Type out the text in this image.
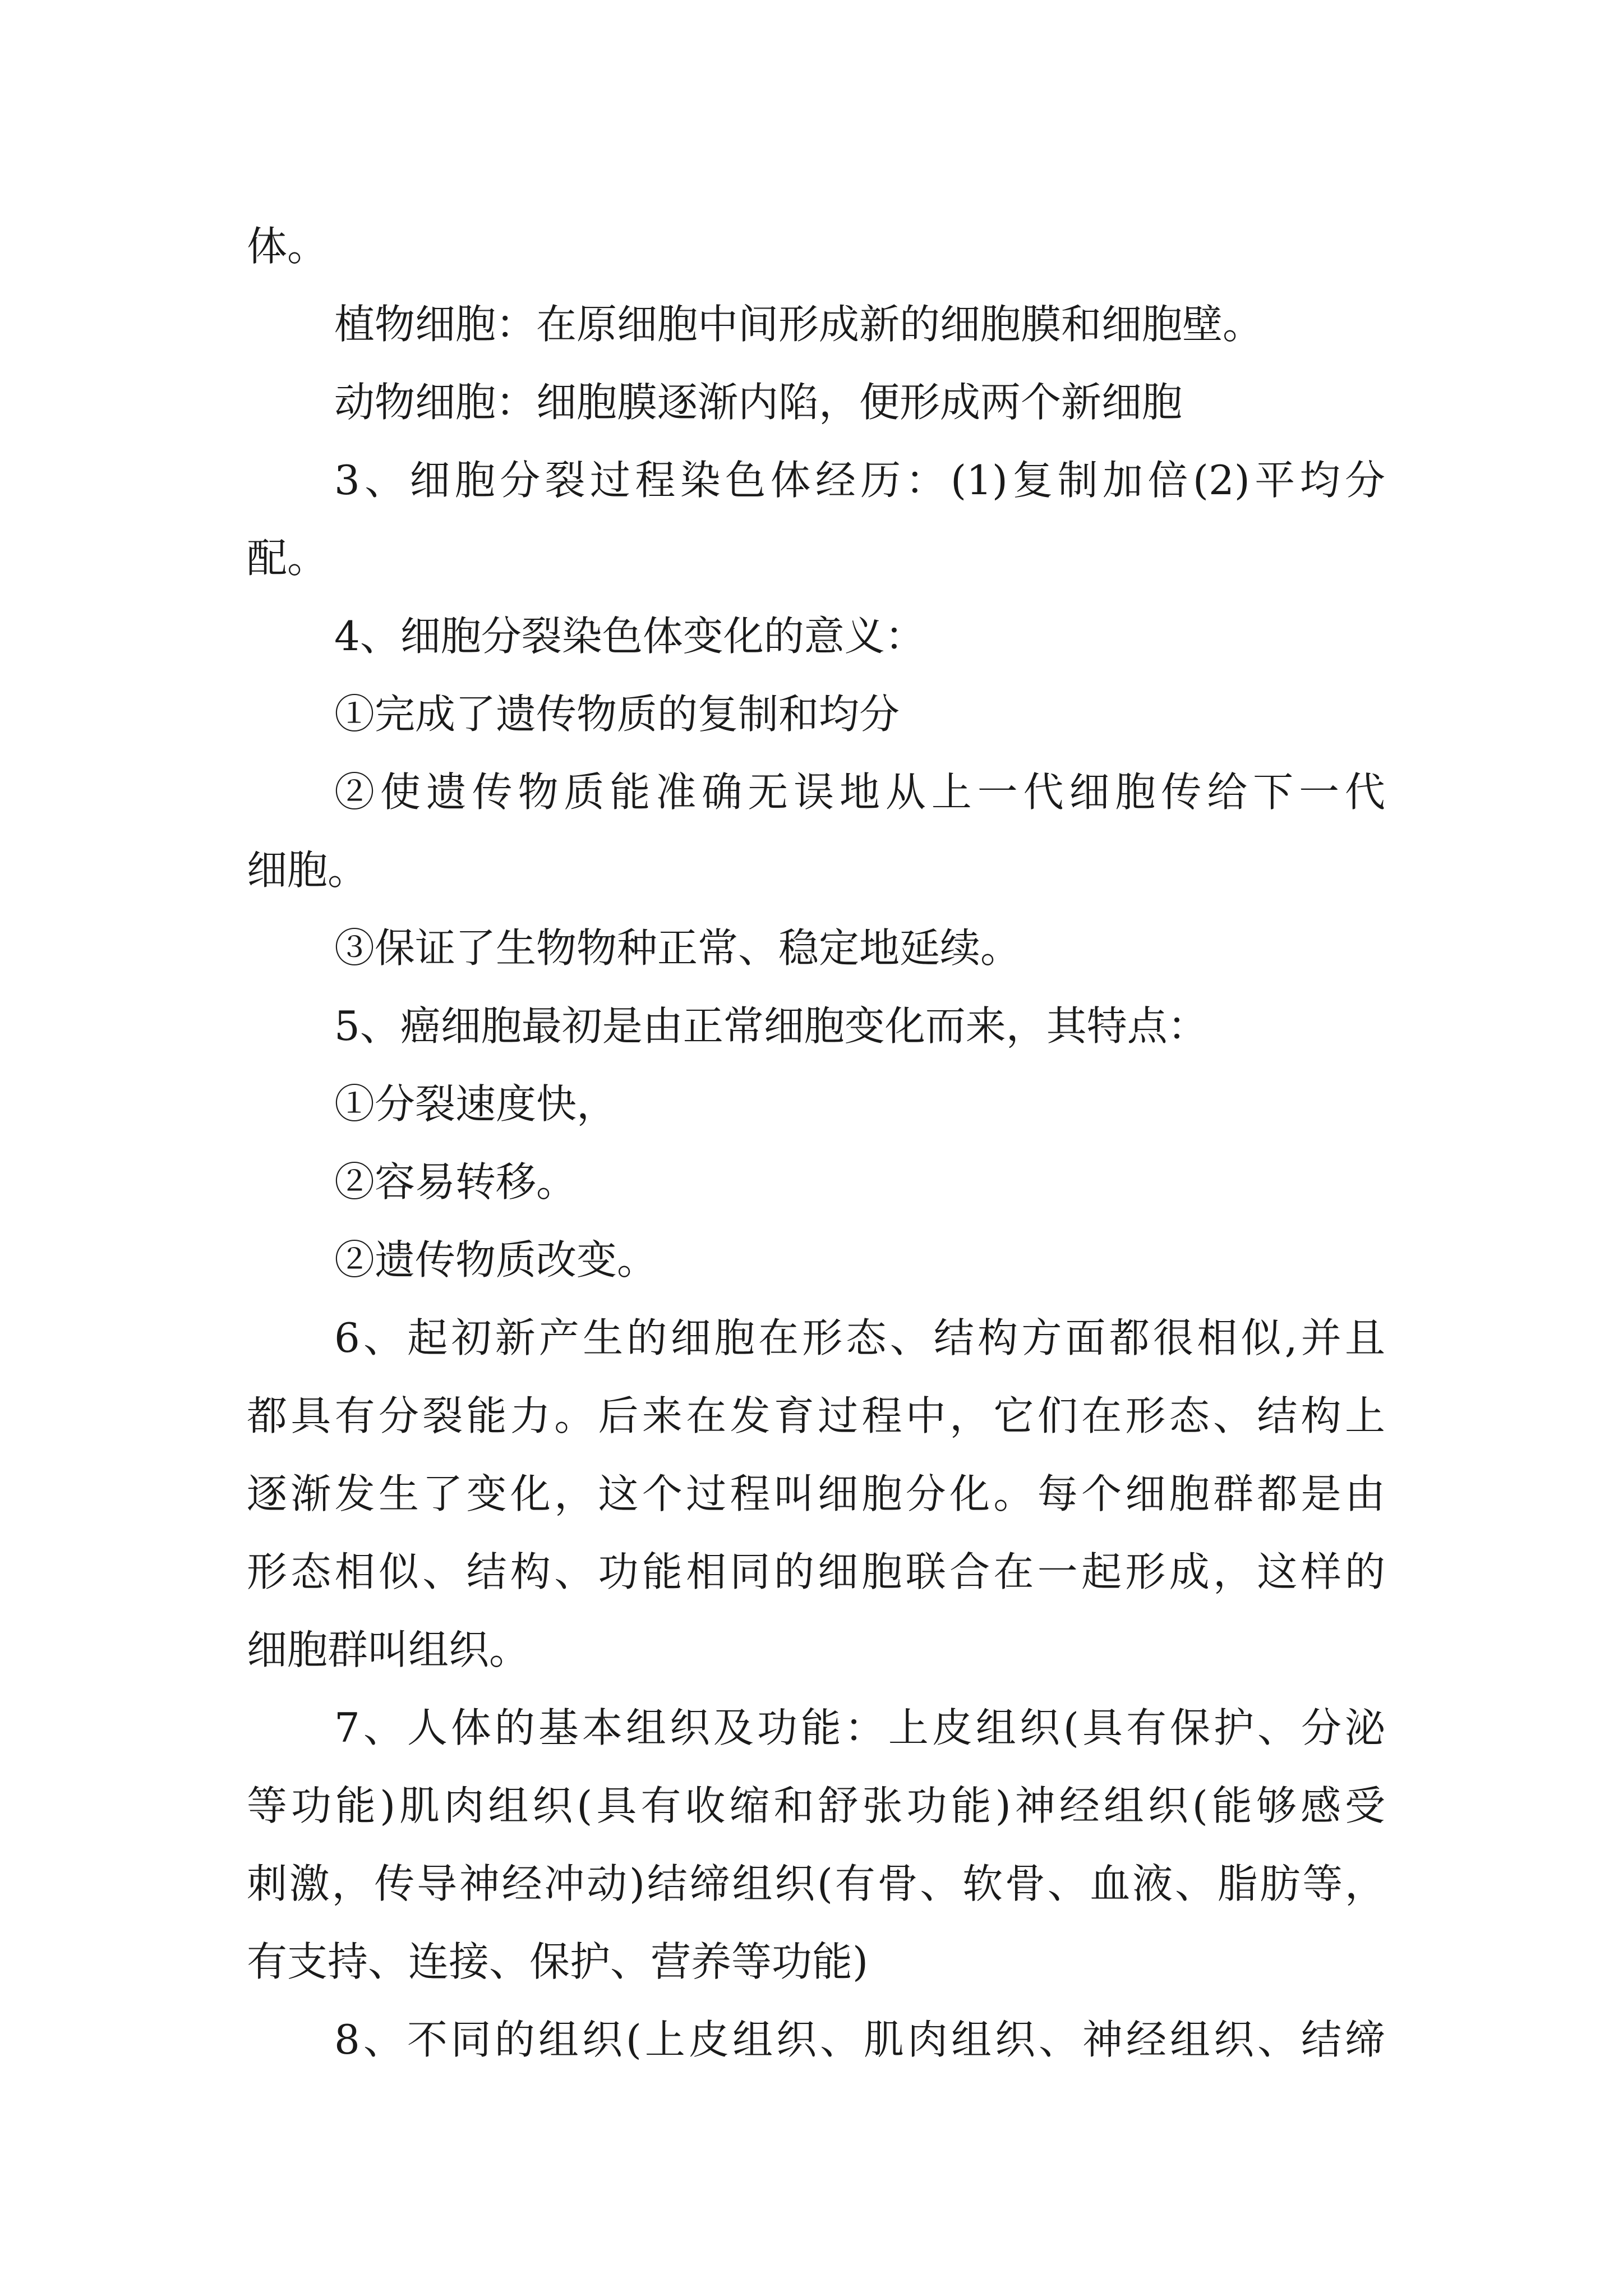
体。
植物细胞：在原细胞中间形成新的细胞膜和细胞壁。
动物细胞：细胞膜逐渐内陷，便形成两个新细胞
3、细胞分裂过程染色体经历：(1)复制加倍(2)平均分
配。
4、细胞分裂染色体变化的意义：
①完成了遗传物质的复制和均分
②使遗传物质能准确无误地从上一代细胞传给下一代
细胞。
③保证了生物物种正常、稳定地延续。
5、癌细胞最初是由正常细胞变化而来，其特点：
①分裂速度快，
②容易转移。
②遗传物质改变。
6、起初新产生的细胞在形态、结构方面都很相似,并且
都具有分裂能力。后来在发育过程中，它们在形态、结构上
逐渐发生了变化，这个过程叫细胞分化。每个细胞群都是由
形态相似、结构、功能相同的细胞联合在一起形成，这样的
细胞群叫组织。
7、人体的基本组织及功能：上皮组织(具有保护、分泌
等功能)肌肉组织(具有收缩和舒张功能)神经组织(能够感受
刺激，传导神经冲动)结缔组织(有骨、软骨、血液、脂肪等，
有支持、连接、保护、营养等功能)
8、不同的组织(上皮组织、肌肉组织、神经组织、结缔
